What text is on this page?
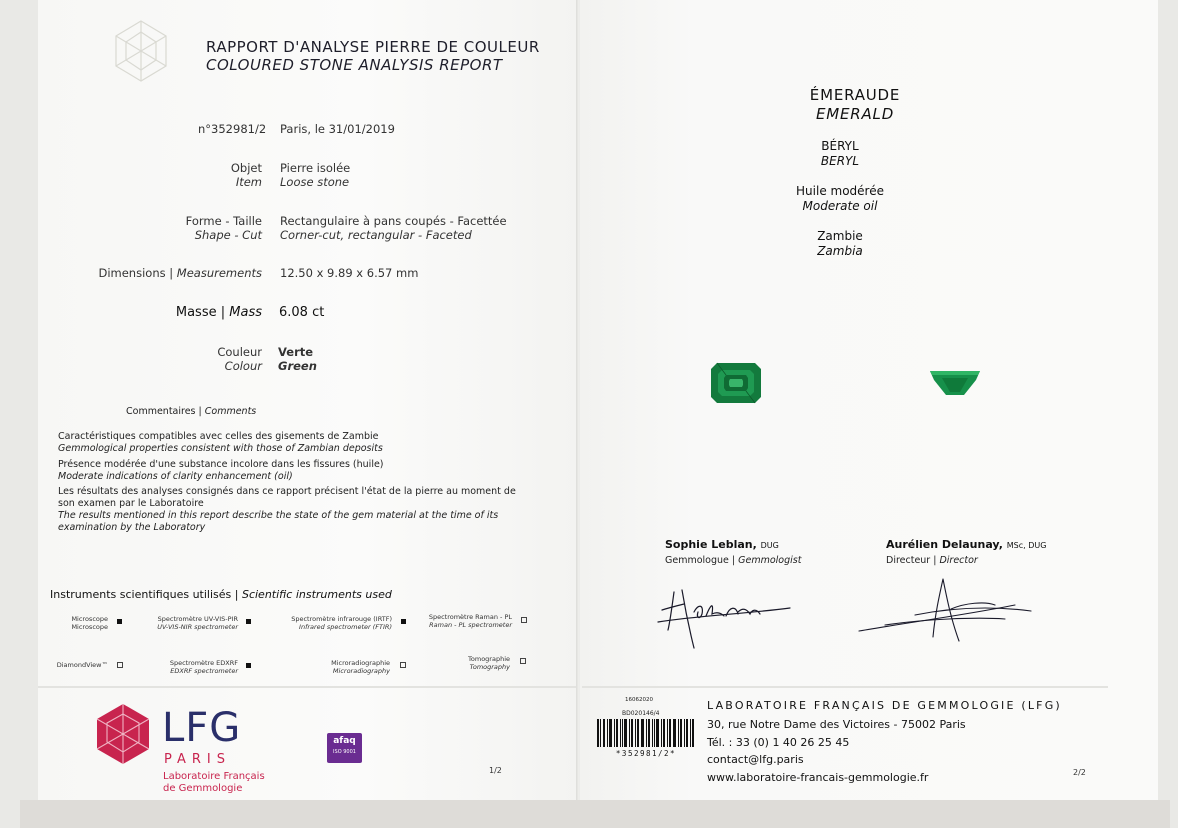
RAPPORT D'ANALYSE PIERRE DE COULEUR
COLOURED STONE ANALYSIS REPORT
n°352981/2 Paris, le 31/01/2019
Objet
Item
Pierre isolée
Loose stone
Forme - Taille
Shape - Cut
Rectangulaire à pans coupés - Facettée
Corner-cut, rectangular - Faceted
Dimensions | Measurements 12.50 x 9.89 x 6.57 mm
Masse | Mass 6.08 ct
Couleur
Colour
Verte
Green
Commentaires | Comments
Caractéristiques compatibles avec celles des gisements de Zambie
Gemmological properties consistent with those of Zambian deposits
Présence modérée d'une substance incolore dans les fissures (huile)
Moderate indications of clarity enhancement (oil)
Les résultats des analyses consignés dans ce rapport précisent l'état de la pierre au moment de
son examen par le Laboratoire
The results mentioned in this report describe the state of the gem material at the time of its
examination by the Laboratory
Instruments scientifiques utilisés | Scientific instruments used
Microscope
Microscope
Spectromètre UV-VIS-PIR
UV-VIS-NIR spectrometer
Spectromètre infrarouge (IRTF)
Infrared spectrometer (FTIR)
Spectromètre Raman - PL
Raman - PL spectrometer
DiamondView™	Spectromètre EDXRF
EDXRF spectrometer
Microradiographie
Microradiography
Tomographie
Tomography
LFG
PARIS
Laboratoire Français
de Gemmologie
afaq
ISO 9001
1/2
ÉMERAUDE
EMERALD
BÉRYL
BERYL
Huile modérée
Moderate oil
Zambie
Zambia
Sophie Leblan, DUG
Gemmologue | Gemmologist
Aurélien Delaunay, MSc, DUG
Directeur | Director
16062020
BD020146/4
*352981/2*
LABORATOIRE FRANÇAIS DE GEMMOLOGIE (LFG)
30, rue Notre Dame des Victoires - 75002 Paris
Tél. : 33 (0) 1 40 26 25 45
contact@lfg.paris
www.laboratoire-francais-gemmologie.fr	2/2
